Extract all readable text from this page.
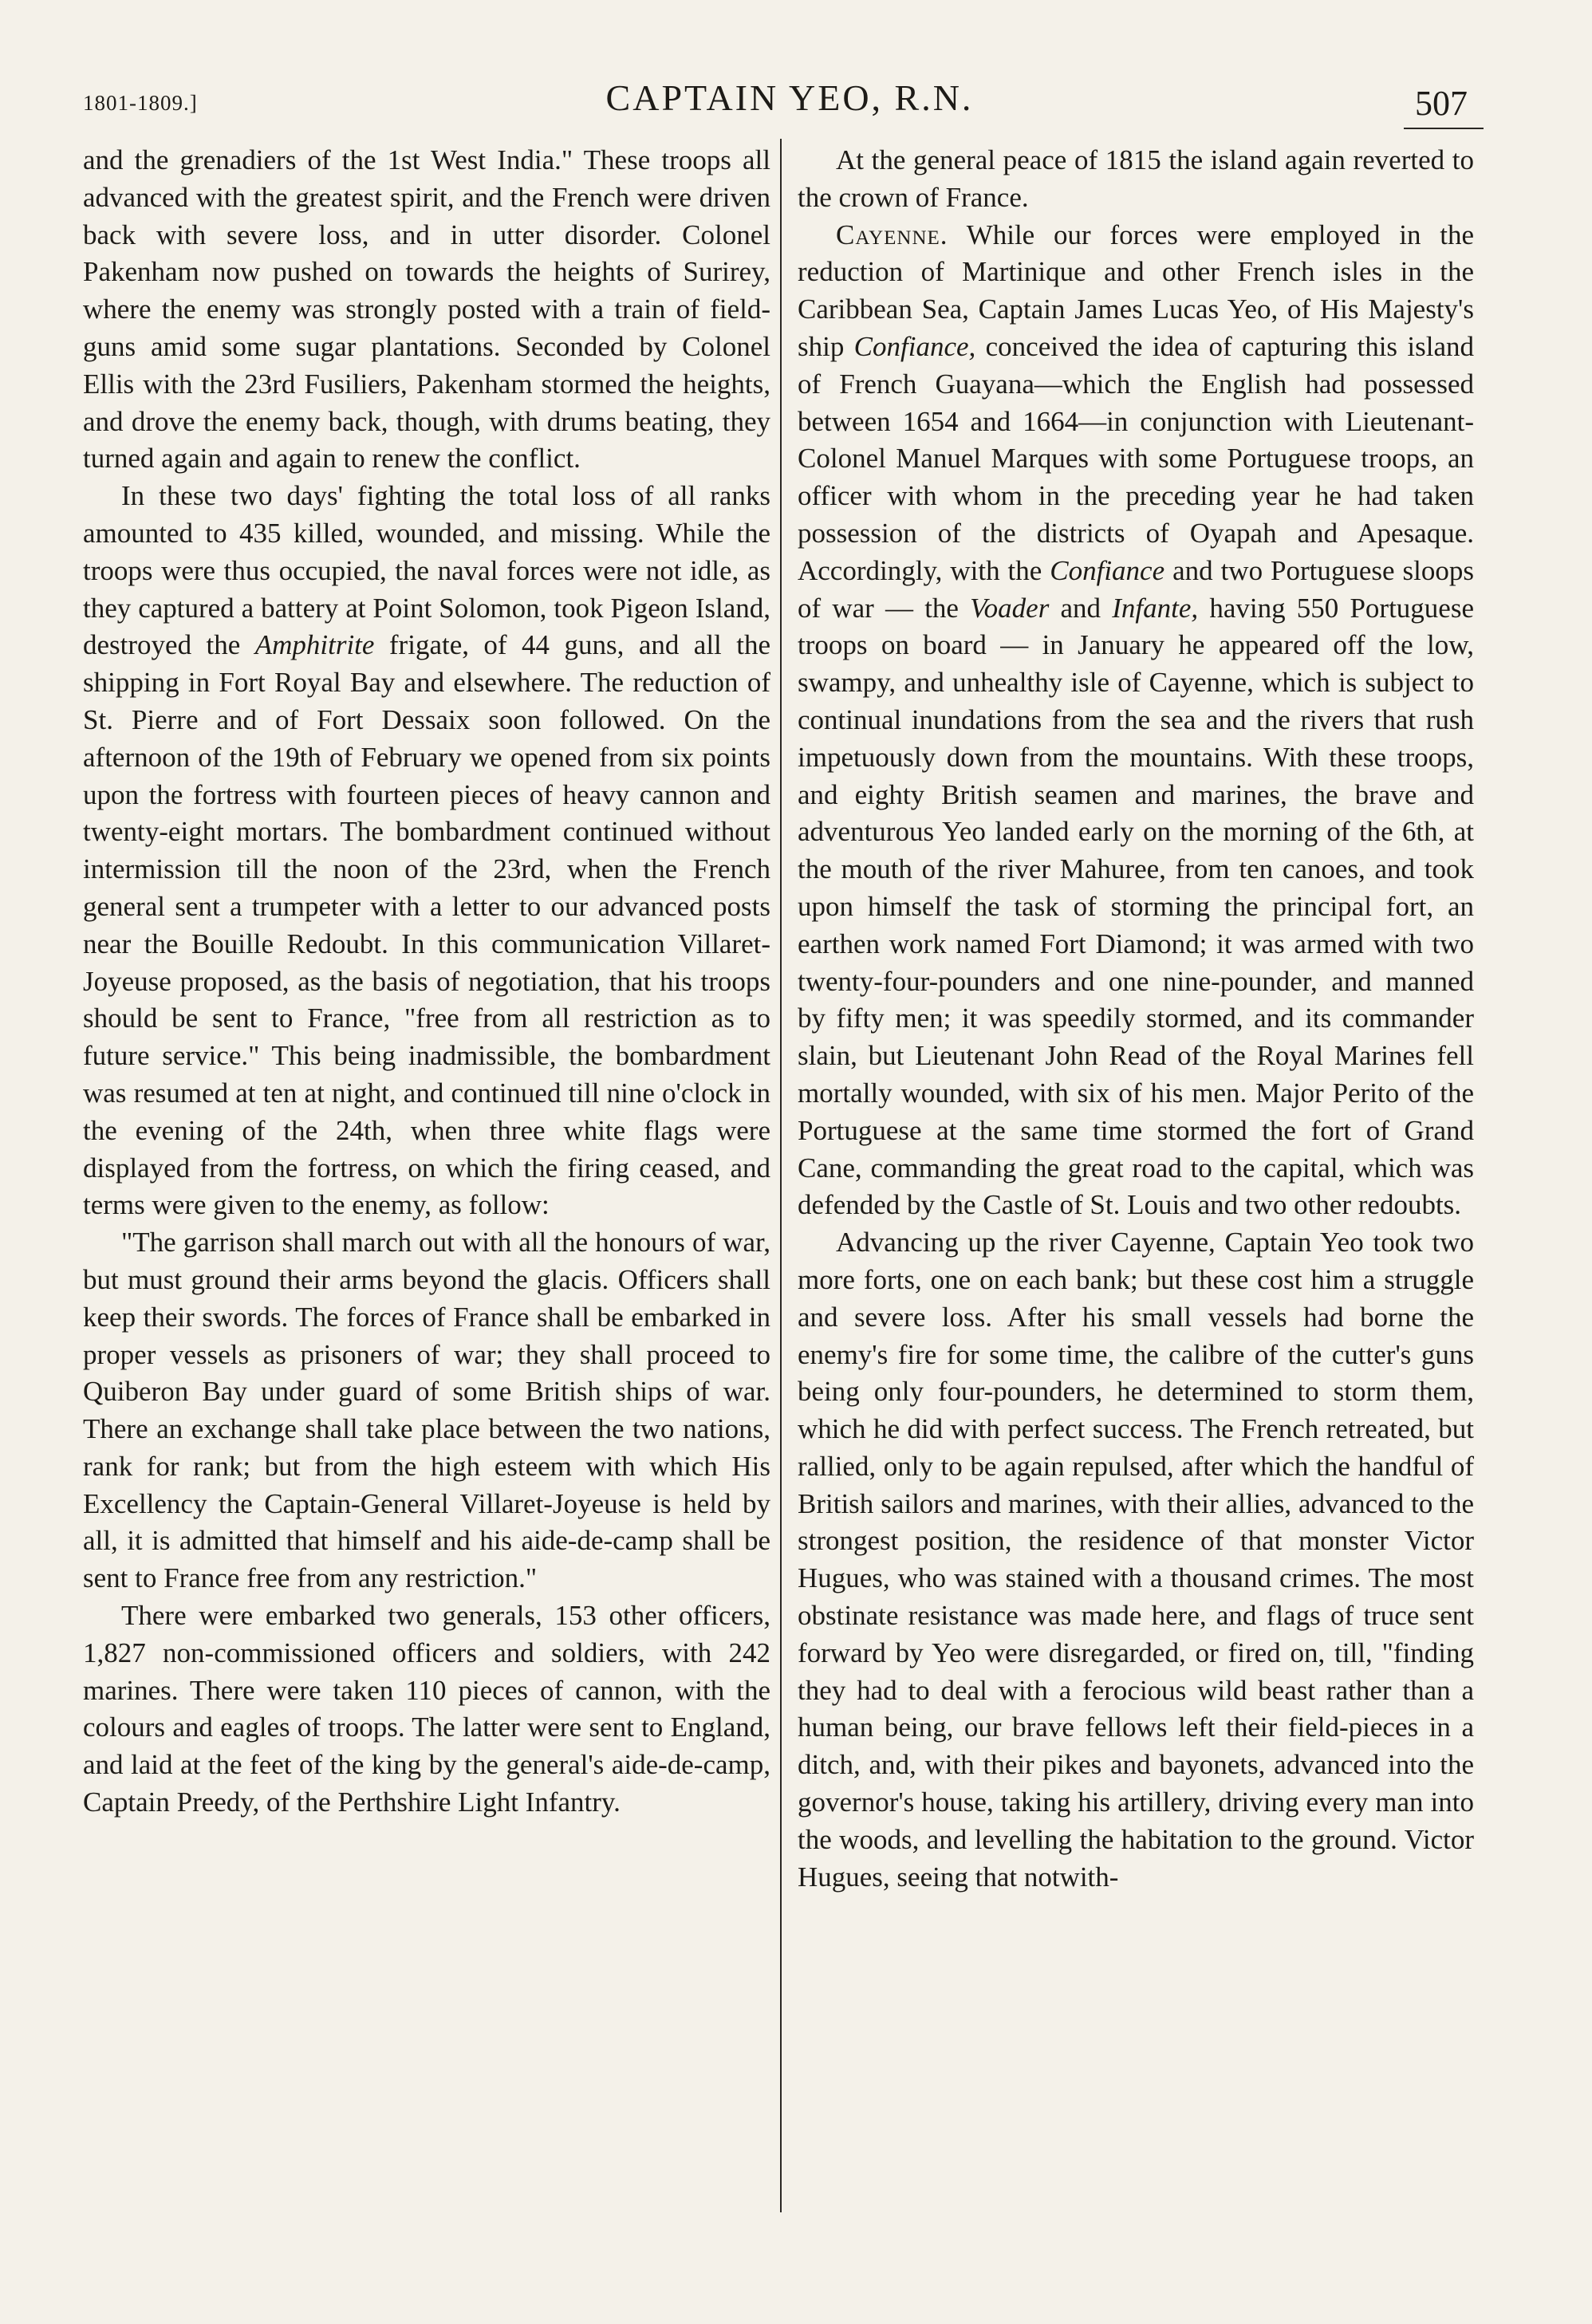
1801-1809.]	CAPTAIN YEO, R.N.	507

and the grenadiers of the 1st West India." These troops all advanced with the greatest spirit, and the French were driven back with severe loss, and in utter disorder. Colonel Pakenham now pushed on towards the heights of Surirey, where the enemy was strongly posted with a train of field-guns amid some sugar plantations. Seconded by Colonel Ellis with the 23rd Fusiliers, Pakenham stormed the heights, and drove the enemy back, though, with drums beating, they turned again and again to renew the conflict.

In these two days' fighting the total loss of all ranks amounted to 435 killed, wounded, and missing. While the troops were thus occupied, the naval forces were not idle, as they captured a battery at Point Solomon, took Pigeon Island, destroyed the Amphitrite frigate, of 44 guns, and all the shipping in Fort Royal Bay and elsewhere. The reduction of St. Pierre and of Fort Dessaix soon followed. On the afternoon of the 19th of February we opened from six points upon the fortress with fourteen pieces of heavy cannon and twenty-eight mortars. The bombardment continued without intermission till the noon of the 23rd, when the French general sent a trumpeter with a letter to our advanced posts near the Bouille Redoubt. In this communication Villaret-Joyeuse proposed, as the basis of negotiation, that his troops should be sent to France, "free from all restriction as to future service." This being inadmissible, the bombardment was resumed at ten at night, and continued till nine o'clock in the evening of the 24th, when three white flags were displayed from the fortress, on which the firing ceased, and terms were given to the enemy, as follow:

"The garrison shall march out with all the honours of war, but must ground their arms beyond the glacis. Officers shall keep their swords. The forces of France shall be embarked in proper vessels as prisoners of war; they shall proceed to Quiberon Bay under guard of some British ships of war. There an exchange shall take place between the two nations, rank for rank; but from the high esteem with which His Excellency the Captain-General Villaret-Joyeuse is held by all, it is admitted that himself and his aide-de-camp shall be sent to France free from any restriction."

There were embarked two generals, 153 other officers, 1,827 non-commissioned officers and soldiers, with 242 marines. There were taken 110 pieces of cannon, with the colours and eagles of troops. The latter were sent to England, and laid at the feet of the king by the general's aide-de-camp, Captain Preedy, of the Perthshire Light Infantry.

At the general peace of 1815 the island again reverted to the crown of France.

Cayenne. While our forces were employed in the reduction of Martinique and other French isles in the Caribbean Sea, Captain James Lucas Yeo, of His Majesty's ship Confiance, conceived the idea of capturing this island of French Guayana—which the English had possessed between 1654 and 1664—in conjunction with Lieutenant-Colonel Manuel Marques with some Portuguese troops, an officer with whom in the preceding year he had taken possession of the districts of Oyapah and Apesaque. Accordingly, with the Confiance and two Portuguese sloops of war — the Voader and Infante, having 550 Portuguese troops on board — in January he appeared off the low, swampy, and unhealthy isle of Cayenne, which is subject to continual inundations from the sea and the rivers that rush impetuously down from the mountains. With these troops, and eighty British seamen and marines, the brave and adventurous Yeo landed early on the morning of the 6th, at the mouth of the river Mahuree, from ten canoes, and took upon himself the task of storming the principal fort, an earthen work named Fort Diamond; it was armed with two twenty-four-pounders and one nine-pounder, and manned by fifty men; it was speedily stormed, and its commander slain, but Lieutenant John Read of the Royal Marines fell mortally wounded, with six of his men. Major Perito of the Portuguese at the same time stormed the fort of Grand Cane, commanding the great road to the capital, which was defended by the Castle of St. Louis and two other redoubts.

Advancing up the river Cayenne, Captain Yeo took two more forts, one on each bank; but these cost him a struggle and severe loss. After his small vessels had borne the enemy's fire for some time, the calibre of the cutter's guns being only four-pounders, he determined to storm them, which he did with perfect success. The French retreated, but rallied, only to be again repulsed, after which the handful of British sailors and marines, with their allies, advanced to the strongest position, the residence of that monster Victor Hugues, who was stained with a thousand crimes. The most obstinate resistance was made here, and flags of truce sent forward by Yeo were disregarded, or fired on, till, "finding they had to deal with a ferocious wild beast rather than a human being, our brave fellows left their field-pieces in a ditch, and, with their pikes and bayonets, advanced into the governor's house, taking his artillery, driving every man into the woods, and levelling the habitation to the ground. Victor Hugues, seeing that notwith-
